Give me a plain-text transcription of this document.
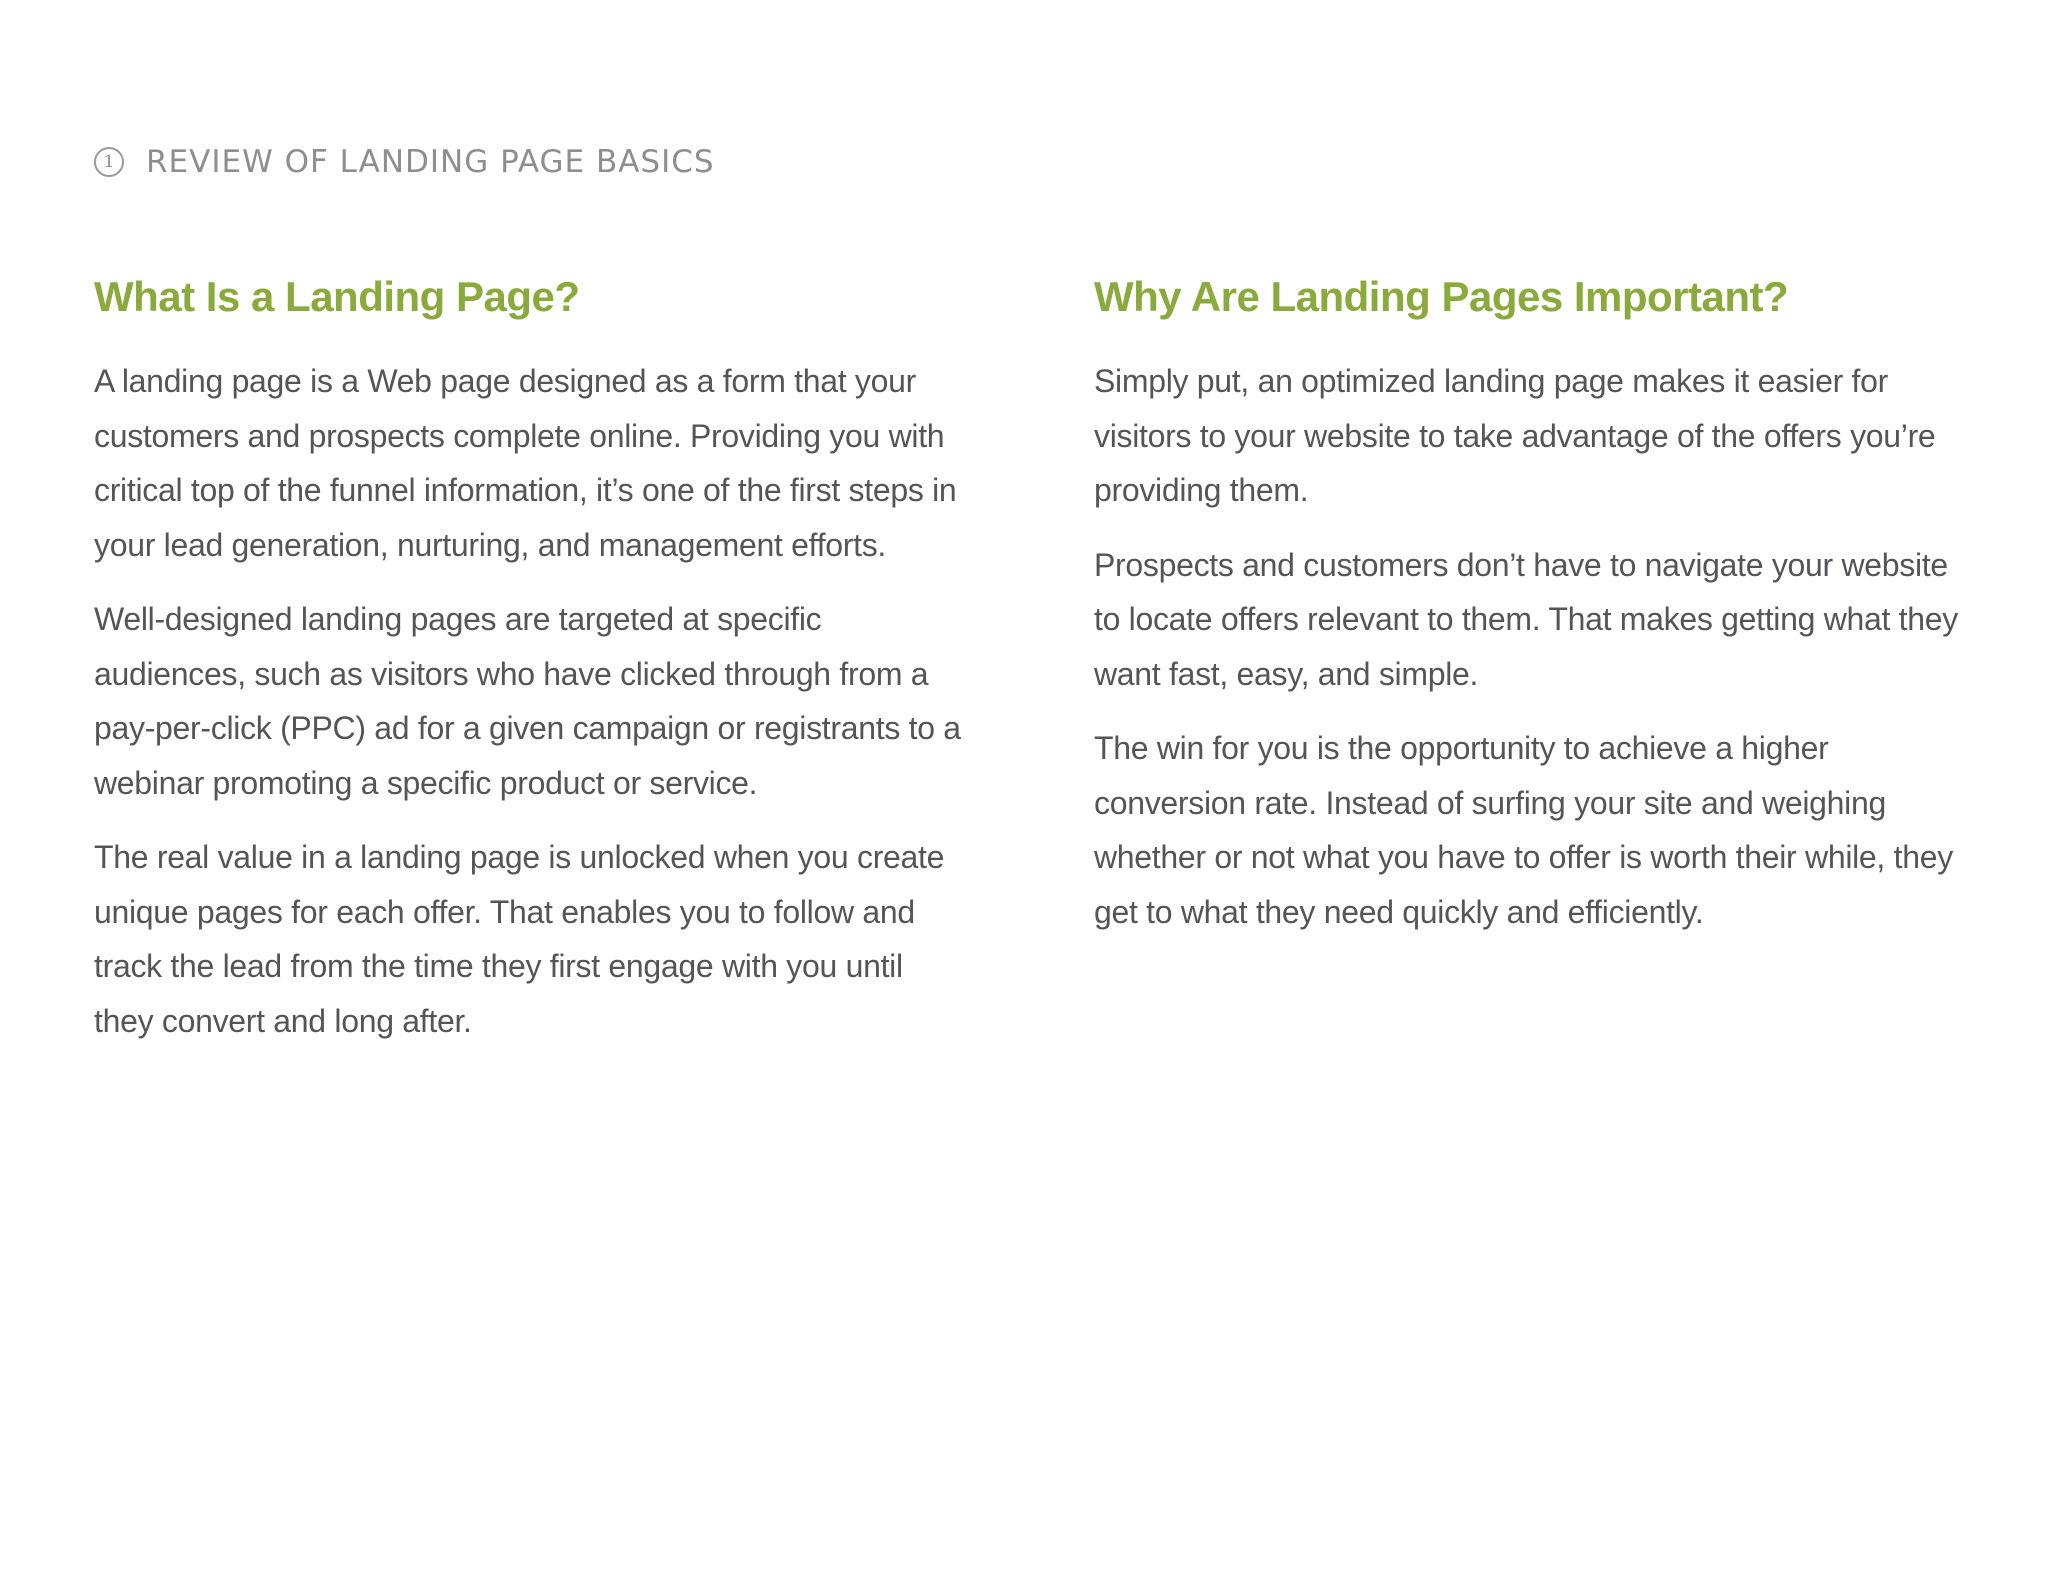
1	REVIEW OF LANDING PAGE BASICS
What Is a Landing Page?

A landing page is a Web page designed as a form that your customers and prospects complete online. Providing you with critical top of the funnel information, it’s one of the first steps in your lead generation, nurturing, and management efforts.

Well-designed landing pages are targeted at specific audiences, such as visitors who have clicked through from a pay-per-click (PPC) ad for a given campaign or registrants to a webinar promoting a specific product or service.

The real value in a landing page is unlocked when you create unique pages for each offer. That enables you to follow and track the lead from the time they first engage with you until they convert and long after.

Why Are Landing Pages Important?

Simply put, an optimized landing page makes it easier for visitors to your website to take advantage of the offers you’re providing them.

Prospects and customers don’t have to navigate your website to locate offers relevant to them. That makes getting what they want fast, easy, and simple.

The win for you is the opportunity to achieve a higher conversion rate. Instead of surfing your site and weighing whether or not what you have to offer is worth their while, they get to what they need quickly and efficiently.
